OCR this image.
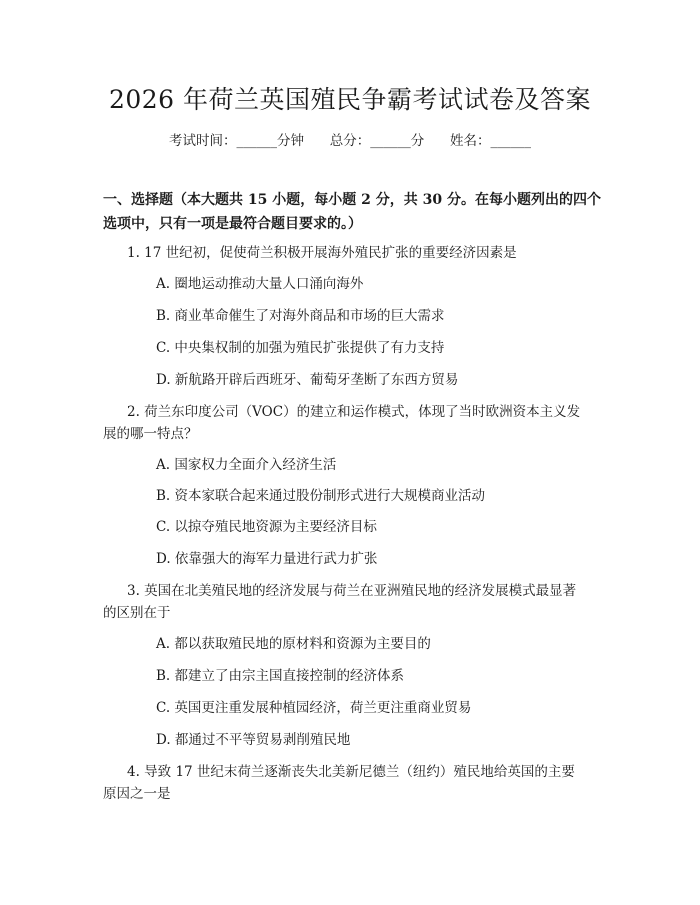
2026 年荷兰英国殖民争霸考试试卷及答案
考试时间：______分钟      总分：______分      姓名：______
一、选择题（本大题共 15 小题，每小题 2 分，共 30 分。在每小题列出的四个选项中，只有一项是最符合题目要求的。）
1. 17 世纪初，促使荷兰积极开展海外殖民扩张的重要经济因素是
A. 圈地运动推动大量人口涌向海外
B. 商业革命催生了对海外商品和市场的巨大需求
C. 中央集权制的加强为殖民扩张提供了有力支持
D. 新航路开辟后西班牙、葡萄牙垄断了东西方贸易
2. 荷兰东印度公司（VOC）的建立和运作模式，体现了当时欧洲资本主义发
展的哪一特点？
A. 国家权力全面介入经济生活
B. 资本家联合起来通过股份制形式进行大规模商业活动
C. 以掠夺殖民地资源为主要经济目标
D. 依靠强大的海军力量进行武力扩张
3. 英国在北美殖民地的经济发展与荷兰在亚洲殖民地的经济发展模式最显著
的区别在于
A. 都以获取殖民地的原材料和资源为主要目的
B. 都建立了由宗主国直接控制的经济体系
C. 英国更注重发展种植园经济，荷兰更注重商业贸易
D. 都通过不平等贸易剥削殖民地
4. 导致 17 世纪末荷兰逐渐丧失北美新尼德兰（纽约）殖民地给英国的主要
原因之一是
